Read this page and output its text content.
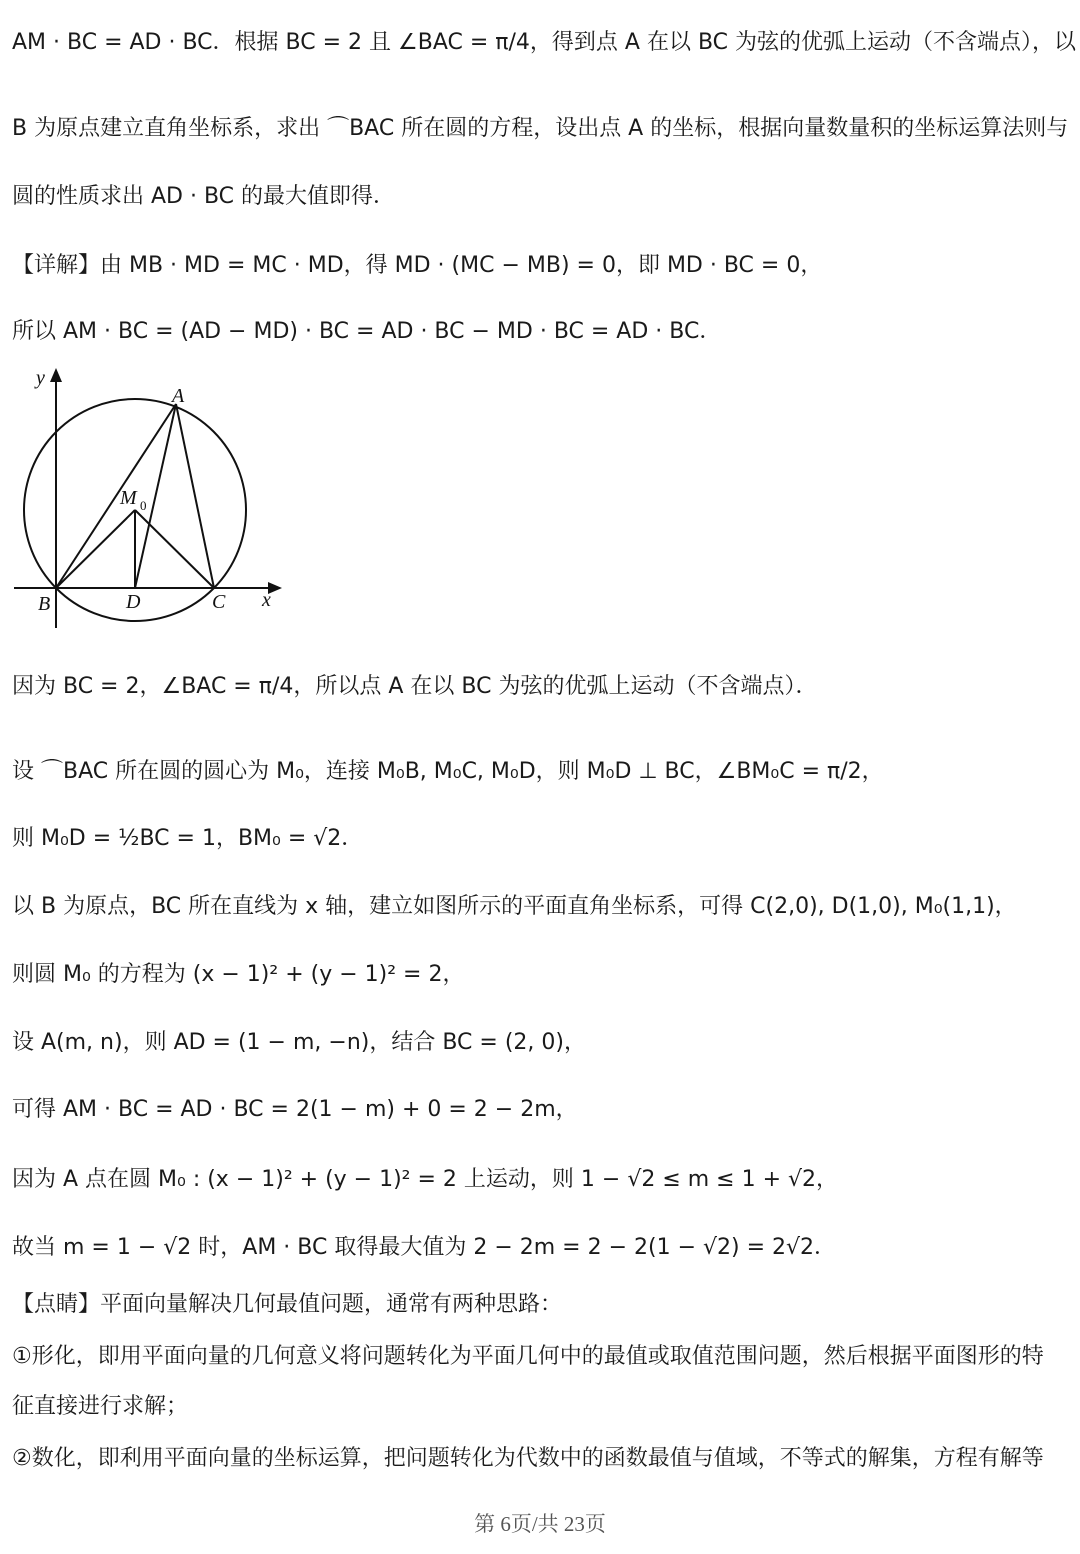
AM · BC = AD · BC．根据 BC = 2 且 ∠BAC = π/4，得到点 A 在以 BC 为弦的优弧上运动（不含端点），以
B 为原点建立直角坐标系，求出 ⌒BAC 所在圆的方程，设出点 A 的坐标，根据向量数量积的坐标运算法则与
圆的性质求出 AD · BC 的最大值即得．
【详解】由 MB · MD = MC · MD，得 MD · (MC − MB) = 0，即 MD · BC = 0，
所以 AM · BC = (AD − MD) · BC = AD · BC − MD · BC = AD · BC．
y
x
A
M 0
B	D	C
因为 BC = 2，∠BAC = π/4，所以点 A 在以 BC 为弦的优弧上运动（不含端点）．
设 ⌒BAC 所在圆的圆心为 M₀，连接 M₀B, M₀C, M₀D，则 M₀D ⊥ BC，∠BM₀C = π/2，
则 M₀D = ½BC = 1，BM₀ = √2．
以 B 为原点，BC 所在直线为 x 轴，建立如图所示的平面直角坐标系，可得 C(2,0), D(1,0), M₀(1,1)，
则圆 M₀ 的方程为 (x − 1)² + (y − 1)² = 2，
设 A(m, n)，则 AD = (1 − m, −n)，结合 BC = (2, 0)，
可得 AM · BC = AD · BC = 2(1 − m) + 0 = 2 − 2m，
因为 A 点在圆 M₀ : (x − 1)² + (y − 1)² = 2 上运动，则 1 − √2 ≤ m ≤ 1 + √2，
故当 m = 1 − √2 时，AM · BC 取得最大值为 2 − 2m = 2 − 2(1 − √2) = 2√2．
【点睛】平面向量解决几何最值问题，通常有两种思路：
①形化，即用平面向量的几何意义将问题转化为平面几何中的最值或取值范围问题，然后根据平面图形的特
征直接进行求解；
②数化，即利用平面向量的坐标运算，把问题转化为代数中的函数最值与值域，不等式的解集，方程有解等
第 6页/共 23页
